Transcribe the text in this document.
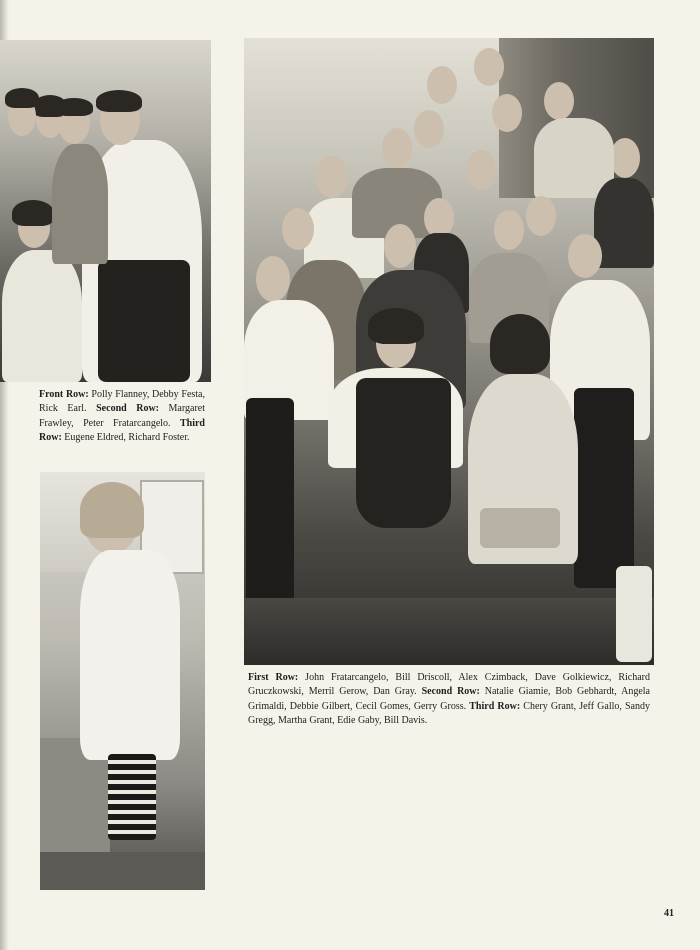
Front Row: Polly Flanney, Debby Festa, Rick Earl. Second Row: Margaret Frawley, Peter Fratarcangelo. Third Row: Eugene Eldred, Richard Foster.
First Row: John Fratarcangelo, Bill Driscoll, Alex Czimback, Dave Golkiewicz, Richard Gruczkowski, Merril Gerow, Dan Gray. Second Row: Natalie Giamie, Bob Gebhardt, Angela Grimaldi, Debbie Gilbert, Cecil Gomes, Gerry Gross. Third Row: Chery Grant, Jeff Gallo, Sandy Gregg, Martha Grant, Edie Gaby, Bill Davis.
41
